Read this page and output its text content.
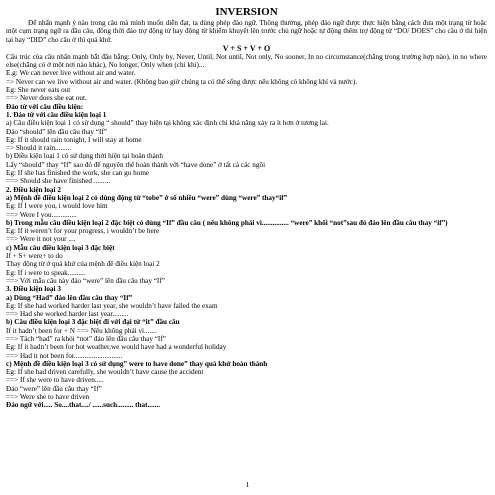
INVERSION

Để nhấn mạnh ý nào trong câu mà mình muốn diễn đạt, ta dùng phép đảo ngữ. Thông thường, phép đảo ngữ được thực hiện bằng cách đưa một trạng từ hoặc một cụm trạng ngữ ra đầu câu, đồng thời đảo trợ động từ hay động từ khiếm khuyết lên trước chủ ngữ hoặc tự động thêm trợ động từ “DO/ DOES” cho câu ở thì hiện tại hay “DID” cho câu ở thì quá khứ.

V + S + V + O

Cấu trúc của câu nhấn mạnh bắt đầu bằng: Only, Only by, Never, Until, Not until, Not only, No sooner, In no circumstance(chẳng trong trường hợp nào), in no where else(chẳng có ở một nơi nào khác), No longer, Only when (chỉ khi)...

E.g: We can never live without air and water.

=> Never can we live without air and water. (Không bao giờ chúng ta có thể sống được nếu không có không khí và nước).

Eg: She never eats out

==> Never does she eat out.

Đảo từ với câu điều kiện:

1. Đảo từ với câu điều kiện loại 1

a) Câu điều kiện loại 1 có sử dụng “ should” thay hiện tại không xác định chỉ khả năng xảy ra ít hơn ở tương lai.

Đảo “should” lên đầu câu thay “If”

Eg: If it should rain tonight, I will stay at home

=> Should it rain.........

b) Điều kiện loại 1 có sử dụng thời hiện tại hoàn thành

Lấy “should” thay “If” sao đó để nguyên thể hoàn thành với “have done” ở tất cả các ngôi

Eg: If she has finished the work, she can go home

==> Should she have finished .........

2. Điều kiện loại 2

a) Mệnh đề điều kiện loại 2 có dùng động từ “tobe” ở số nhiều “were” dùng “were” thay“if”

Eg: If I were you, i would love him

==> Were I you..............

b) Trong mẫu câu điều kiện loại 2 đặc biệt có dùng “If” đầu câu ( nếu không phải vì............... “were” khối “not”sau đó đảo lên đầu câu thay “if”)

Eg: If it weren’t for your progress, i wouldn’t be here

==> Were it not your ....

c) Mẫu câu điều kiện loại 3 đặc biệt

If + S+ were+ to do

Thay động từ ở quá khứ của mệnh đề điều kiện loại 2

Eg: If i were to speak..........

==> Với mẫu câu này đảo “were” lên đầu câu thay “If”

3. Điều kiện loại 3

a) Dùng “Had” đảo lên đầu câu thay “If”

Eg: If she had worked harder last year, she wouldn’t have failed the exam

==> Had she worked harder last year.........

b) Câu điều kiện loại 3 đặc biệt đi với đại từ “it” đầu câu

If it hadn’t been for + N ==> Nếu không phải vì.......

==> Tách “had” ra khỏi “not” đảo lên đầu câu thay “If”

Eg: If it hadn’t been for hot weather,we would have had a wonderful holiday

==> Had it not been for...........................

c) Mệnh đề điều kiện loại 3 có sử dụng” were to have done” thay quá khứ hoàn thành

Eg: If she had driven carefully, she wouldn’t have cause the accident

==> If she were to have driven.....

Đảo “were” lên đầu câu thay “If”

==> Were she to have driven

Đảo ngữ với..... So....that..../ ......such......... that.......

1
